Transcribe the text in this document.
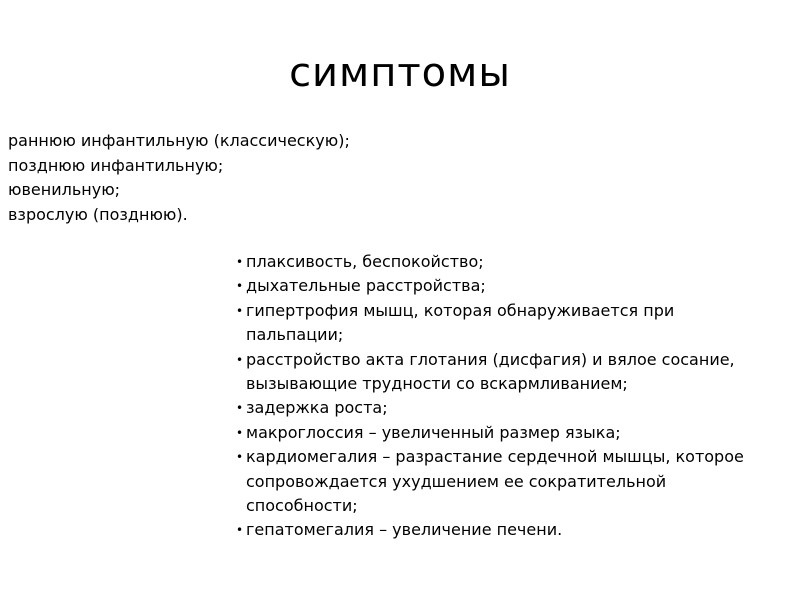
симптомы
раннюю инфантильную (классическую);
позднюю инфантильную;
ювенильную;
взрослую (позднюю).
• плаксивость, беспокойство;
• дыхательные расстройства;
• гипертрофия мышц, которая обнаруживается при пальпации;
• расстройство акта глотания (дисфагия) и вялое сосание, вызывающие трудности со вскармливанием;
• задержка роста;
• макроглоссия – увеличенный размер языка;
• кардиомегалия – разрастание сердечной мышцы, которое сопровождается ухудшением ее сократительной способности;
• гепатомегалия – увеличение печени.
